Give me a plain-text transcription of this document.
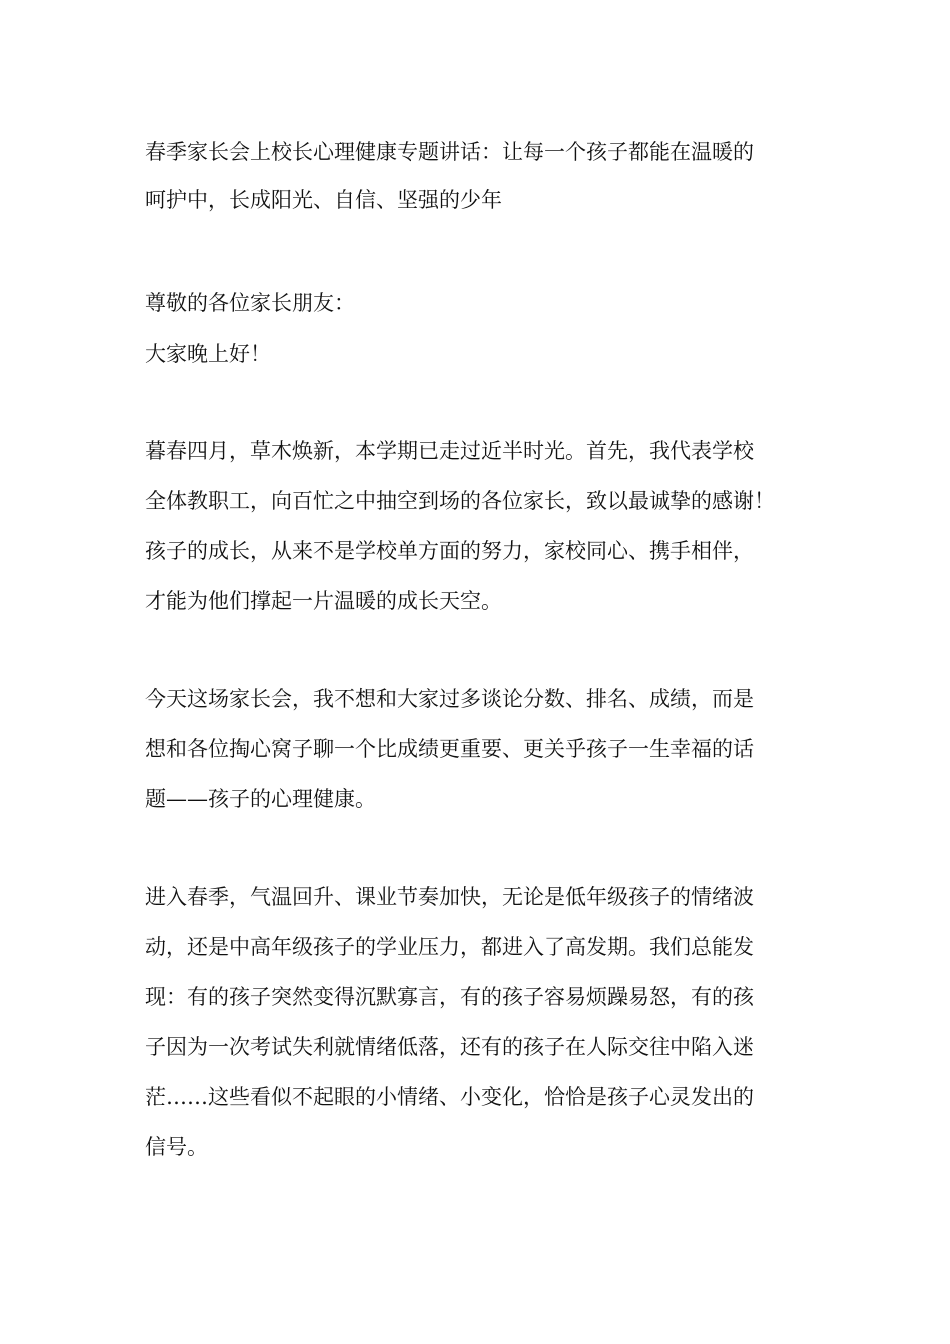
春季家长会上校长心理健康专题讲话：让每一个孩子都能在温暖的

呵护中，长成阳光、自信、坚强的少年

尊敬的各位家长朋友：

大家晚上好！

暮春四月，草木焕新，本学期已走过近半时光。首先，我代表学校

全体教职工，向百忙之中抽空到场的各位家长，致以最诚挚的感谢！

孩子的成长，从来不是学校单方面的努力，家校同心、携手相伴，

才能为他们撑起一片温暖的成长天空。

今天这场家长会，我不想和大家过多谈论分数、排名、成绩，而是

想和各位掏心窝子聊一个比成绩更重要、更关乎孩子一生幸福的话

题——孩子的心理健康。

进入春季，气温回升、课业节奏加快，无论是低年级孩子的情绪波

动，还是中高年级孩子的学业压力，都进入了高发期。我们总能发

现：有的孩子突然变得沉默寡言，有的孩子容易烦躁易怒，有的孩

子因为一次考试失利就情绪低落，还有的孩子在人际交往中陷入迷

茫……这些看似不起眼的小情绪、小变化，恰恰是孩子心灵发出的

信号。
